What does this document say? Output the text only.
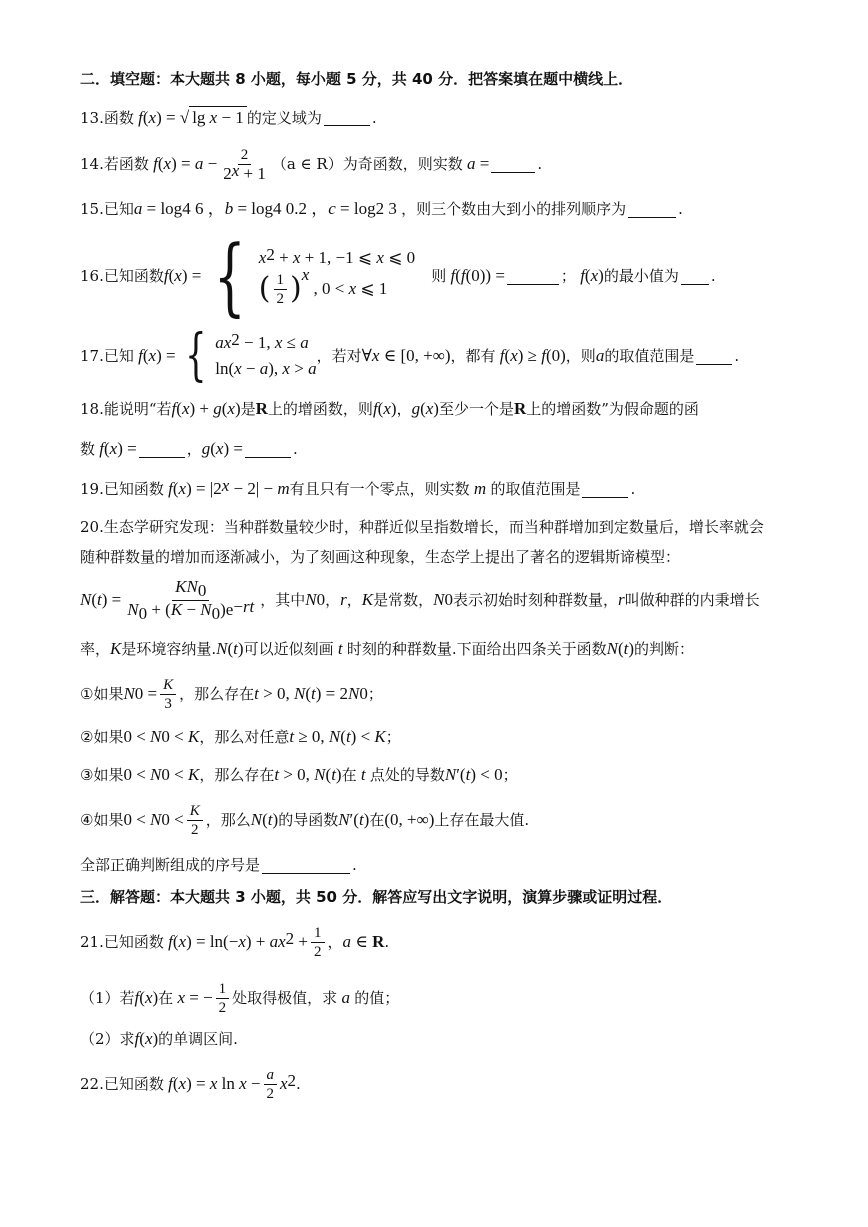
二．填空题：本大题共 8 小题，每小题 5 分，共 40 分．把答案填在题中横线上．
13. 函数 f ( x ) = √ lg x − 1 的定义域为	.
14. 若函数 f ( x ) = $a - \frac{2}{2^x + 1} (a$ ∈ R）为奇函数，则实数 a =	.
15. 已知 a = log 4 6 ， b = log 4 0.2 ， c = log 2 3 ，则三个数由大到小的排列顺序为	.
16. 已知函数 f ( x ) = { $x^2 + x + 1$, −1 ⩽ x ⩽ 0
( $\frac{1}{2} )^x$
, 0 < x ⩽ 1
则 f ( f (0)) =	； f ( x ) 的最小值为 .
17. 已知 f ( x ) = { $ax^2 - 1$, x ≤ a
ln(x − a), x > a
，若对 ∀ x ∈ [0, +∞) ，都有 f ( x ) ≥ f (0) ，则 a 的取值范围是	.
18. 能说明“若 f ( x ) + g ( x ) 是 R 上的增函数，则 f ( x ) ， g ( x ) 至少一个是 R 上的增函数”为假命题的函
数 f ( x ) =	， g ( x ) =	.
19. 已知函数 f ( x ) = $|2^x - 2| - m$ 有且只有一个零点，则实数 m 的取值范围是	.
20. 生态学研究发现：当种群数量较少时，种群近似呈指数增长，而当种群增加到定数量后，增长率就会
随种群数量的增加而逐渐减小，为了刻画这种现象，生态学上提出了著名的逻辑斯谛模型：
N ( t ) = $\frac{KN_0}{N_0 + (K - N_0)e^{-rt}}$ ，其中 N 0 ， r ， K 是常数， N 0 表示初始时刻种群数量， r 叫做种群的内秉增长
率， K 是环境容纳量. N ( t ) 可以近似刻画 t 时刻的种群数量.下面给出四条关于函数 N ( t ) 的判断：
①如果 N $0 = \frac{K}{3}$ ，那么存在 t > 0, N ( t ) = 2 N 0 ；
②如果 0 < N 0 < K ，那么对任意 t ≥ 0, N ( t ) < K ；
③如果 0 < N 0 < K ，那么存在 t > 0, N ( t ) 在 t 点处的导数 N ′( t ) < 0 ；
④如果 0 < N $0 < \frac{K}{2}$ ，那么 N ( t ) 的导函数 N ′( t ) 在 (0, +∞) 上存在最大值.
全部正确判断组成的序号是	.
三．解答题：本大题共 3 小题，共 50 分．解答应写出文字说明，演算步骤或证明过程．
21. 已知函数 f ( x ) = ln(− x ) + $ax^2 + \frac{1}{2}$ ， a ∈ R .
（1）若 f ( x ) 在 x = − $\frac{1}{2}$ 处取得极值，求 a 的值；
（2）求 f ( x ) 的单调区间.
22. 已知函数 f ( x ) = x $\ln x - \frac{a}{2} x^2$ .
